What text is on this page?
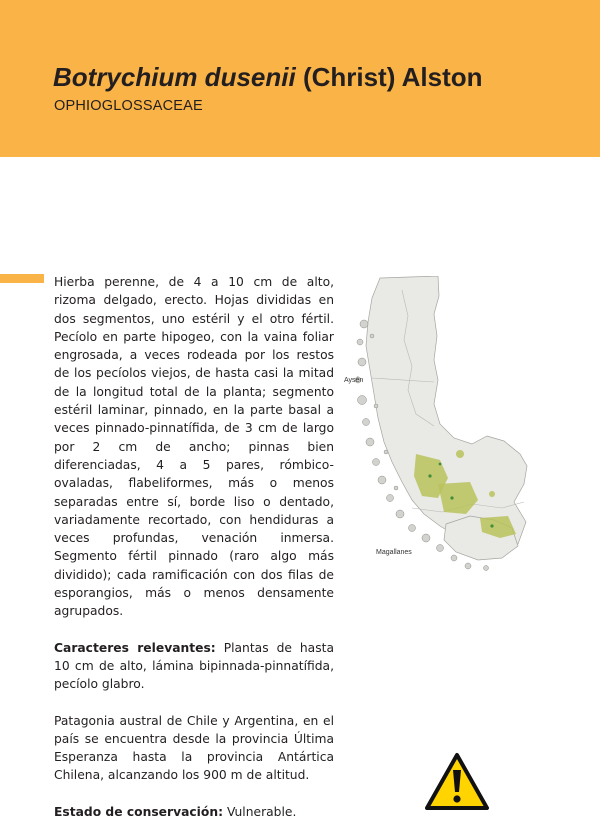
Botrychium dusenii (Christ) Alston
OPHIOGLOSSACEAE

Hierba perenne, de 4 a 10 cm de alto, rizoma delgado, erecto. Hojas divididas en dos segmentos, uno estéril y el otro fértil. Pecíolo en parte hipogeo, con la vaina foliar engrosada, a veces rodeada por los restos de los pecíolos viejos, de hasta casi la mitad de la longitud total de la planta; segmento estéril laminar, pinnado, en la parte basal a veces pinnado-pinnatífida, de 3 cm de largo por 2 cm de ancho; pinnas bien diferenciadas, 4 a 5 pares, rómbico-ovaladas, flabeliformes, más o menos separadas entre sí, borde liso o dentado, variadamente recortado, con hendiduras a veces profundas, venación inmersa. Segmento fértil pinnado (raro algo más dividido); cada ramificación con dos filas de esporangios, más o menos densamente agrupados.

Caracteres relevantes: Plantas de hasta 10 cm de alto, lámina bipinnada-pinnatífida, pecíolo glabro.

Patagonia austral de Chile y Argentina, en el país se encuentra desde la provincia Última Esperanza hasta la provincia Antártica Chilena, alcanzando los 900 m de altitud.

Estado de conservación: Vulnerable.

Aysén
Magallanes
